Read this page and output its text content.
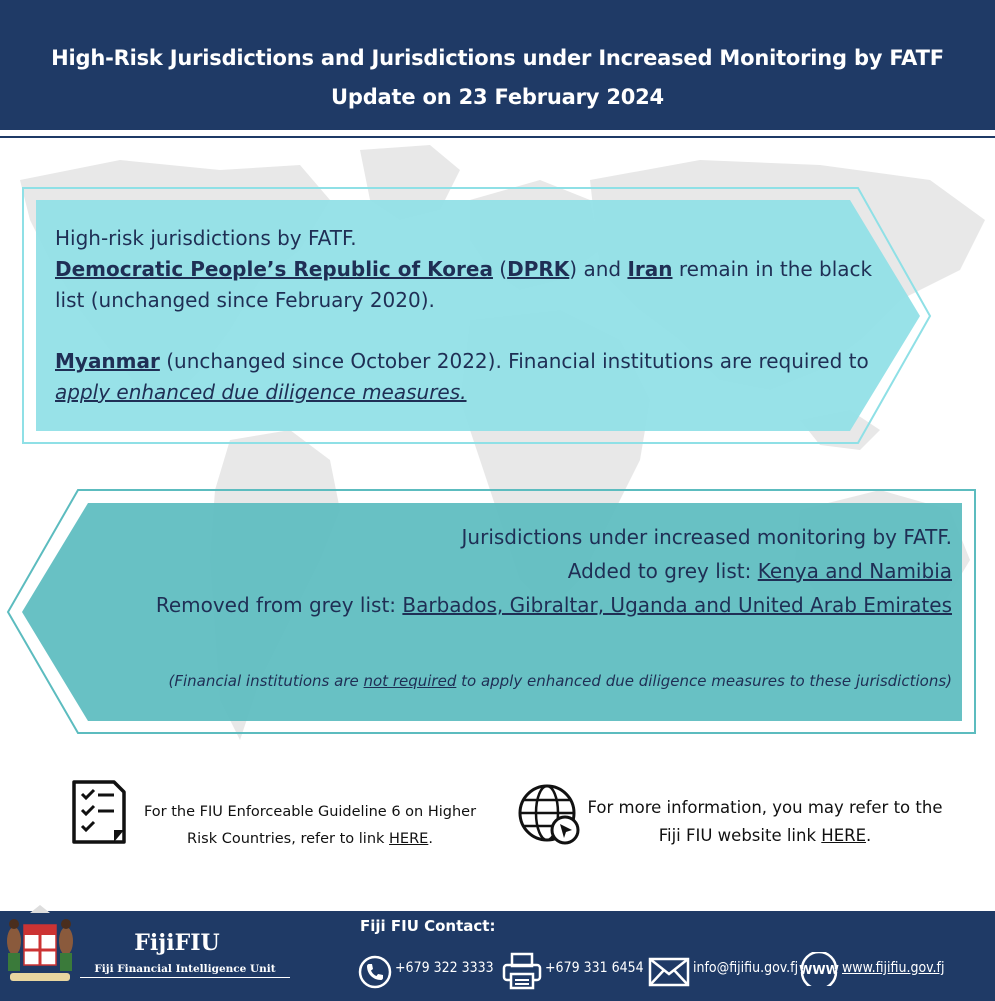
High-Risk Jurisdictions and Jurisdictions under Increased Monitoring by FATF
Update on 23 February 2024

High-risk jurisdictions by FATF.
Democratic People’s Republic of Korea (DPRK) and Iran remain in the black list (unchanged since February 2020).

Myanmar (unchanged since October 2022). Financial institutions are required to apply enhanced due diligence measures.

Jurisdictions under increased monitoring by FATF.
Added to grey list: Kenya and Namibia
Removed from grey list: Barbados, Gibraltar, Uganda and United Arab Emirates
(Financial institutions are not required to apply enhanced due diligence measures to these jurisdictions)
For the FIU Enforceable Guideline 6 on Higher Risk Countries, refer to link HERE.
For more information, you may refer to the Fiji FIU website link HERE.
FijiFIU
Fiji Financial Intelligence Unit
Fiji FIU Contact:
+679 322 3333	+679 331 6454	info@fijifiu.gov.fj WWW www.fijifiu.gov.fj
